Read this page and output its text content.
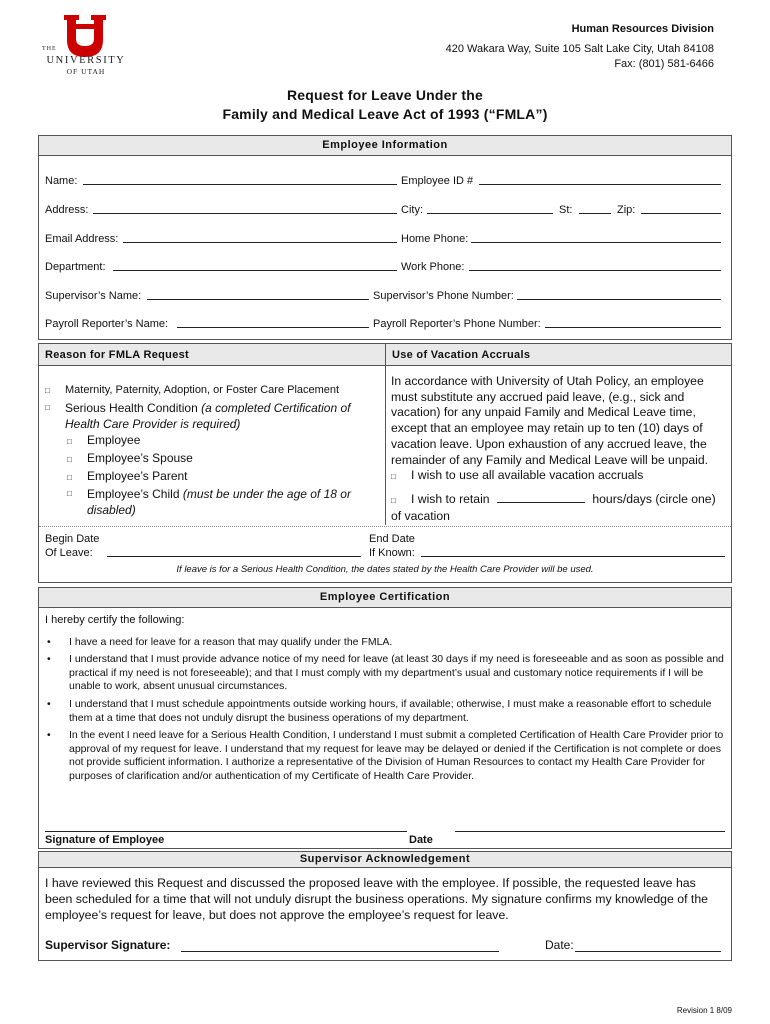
THE
UNIVERSITY
OF UTAH
Human Resources Division
420 Wakara Way, Suite 105 Salt Lake City, Utah 84108
Fax: (801) 581-6466
Request for Leave Under the
Family and Medical Leave Act of 1993 (“FMLA”)
Employee Information
Name:	Employee ID #
Address:	City:	St:	Zip:
Email Address:	Home Phone:
Department:	Work Phone:
Supervisor’s Name:	Supervisor’s Phone Number:
Payroll Reporter’s Name:	Payroll Reporter’s Phone Number:
Reason for FMLA Request	Use of Vacation Accruals
□ Maternity, Paternity, Adoption, or Foster Care Placement
□	Serious Health Condition (a completed Certification of Health Care Provider is required)
□ Employee
□ Employee’s Spouse
□ Employee’s Parent
□	Employee’s Child (must be under the age of 18 or disabled)
In accordance with University of Utah Policy, an employee must substitute any accrued paid leave, (e.g., sick and vacation) for any unpaid Family and Medical Leave time, except that an employee may retain up to ten (10) days of vacation leave. Upon exhaustion of any accrued leave, the remainder of any Family and Medical Leave will be unpaid.
□ I wish to use all available vacation accruals
□ I wish to retain	hours/days (circle one)
of vacation
Begin Date
Of Leave:
End Date
If Known:
If leave is for a Serious Health Condition, the dates stated by the Health Care Provider will be used.
Employee Certification
I hereby certify the following:
• I have a need for leave for a reason that may qualify under the FMLA.
• I understand that I must provide advance notice of my need for leave (at least 30 days if my need is foreseeable and as soon as possible and practical if my need is not foreseeable); and that I must comply with my department’s usual and customary notice requirements if I will be unable to work, absent unusual circumstances.
• I understand that I must schedule appointments outside working hours, if available; otherwise, I must make a reasonable effort to schedule them at a time that does not unduly disrupt the business operations of my department.
• In the event I need leave for a Serious Health Condition, I understand I must submit a completed Certification of Health Care Provider prior to approval of my request for leave. I understand that my request for leave may be delayed or denied if the Certification is not complete or does not provide sufficient information. I authorize a representative of the Division of Human Resources to contact my Health Care Provider for purposes of clarification and/or authentication of my Certificate of Health Care Provider.
Signature of Employee	Date
Supervisor Acknowledgement
I have reviewed this Request and discussed the proposed leave with the employee. If possible, the requested leave has been scheduled for a time that will not unduly disrupt the business operations. My signature confirms my knowledge of the employee’s request for leave, but does not approve the employee’s request for leave.
Supervisor Signature:	Date:
Revision 1 8/09
